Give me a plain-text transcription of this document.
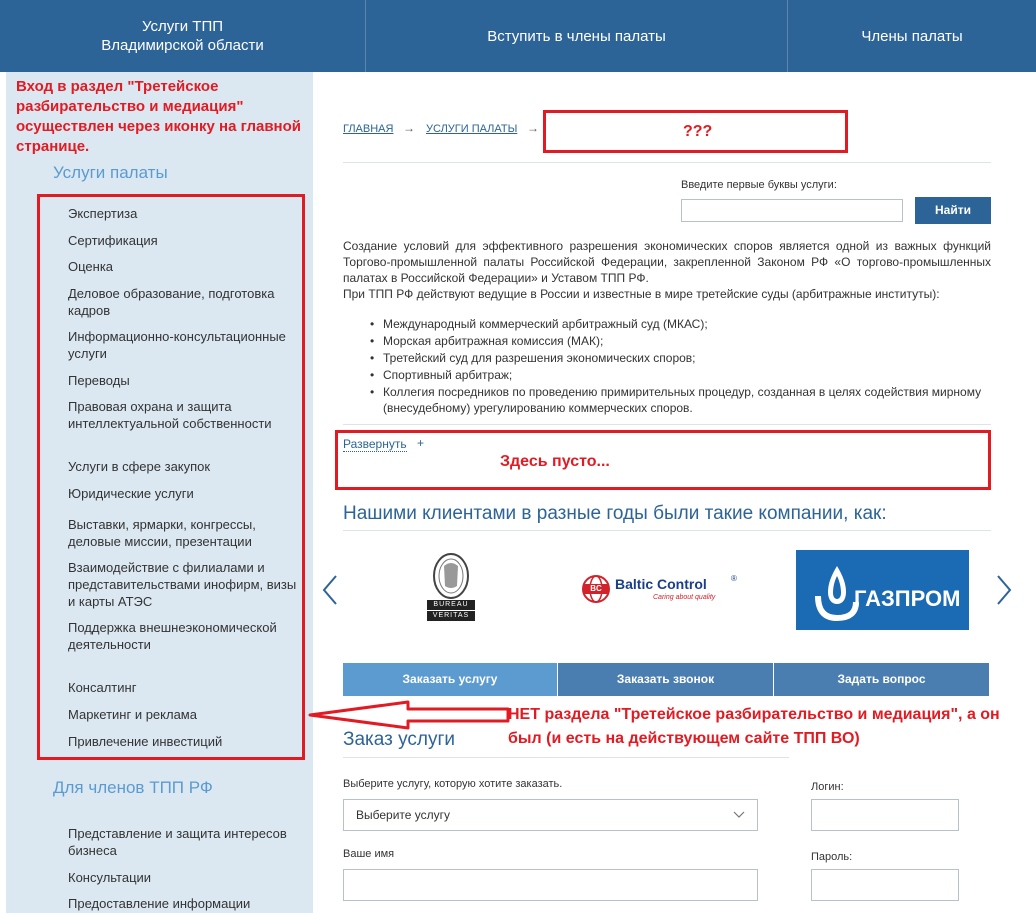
Услуги ТПП
Владимирской области
Вступить в члены палаты	Члены палаты
Вход в раздел "Третейское разбирательство и медиация" осуществлен через иконку на главной странице.
Услуги палаты
Экспертиза
Сертификация
Оценка
Деловое образование, подготовка кадров
Информационно-консультационные услуги
Переводы
Правовая охрана и защита интеллектуальной собственности
Услуги в сфере закупок
Юридические услуги
Выставки, ярмарки, конгрессы, деловые миссии, презентации
Взаимодействие с филиалами и представительствами инофирм, визы и карты АТЭС
Поддержка внешнеэкономической деятельности
Консалтинг
Маркетинг и реклама
Привлечение инвестиций
Для членов ТПП РФ
Представление и защита интересов бизнеса
Консультации
Предоставление информации
ГЛАВНАЯ → УСЛУГИ ПАЛАТЫ →	???
Введите первые буквы услуги:
Найти
Создание условий для эффективного разрешения экономических споров является одной из важных функций Торгово-промышленной палаты Российской Федерации, закрепленной Законом РФ «О торгово-промышленных палатах в Российской Федерации» и Уставом ТПП РФ.
При ТПП РФ действуют ведущие в России и известные в мире третейские суды (арбитражные институты):
• Международный коммерческий арбитражный суд (МКАС);
• Морская арбитражная комиссия (МАК);
• Третейский суд для разрешения экономических споров;
• Спортивный арбитраж;
• Коллегия посредников по проведению примирительных процедур, созданная в целях содействия мирному (внесудебному) урегулированию коммерческих споров.
Развернуть +
Здесь пусто...
Нашими клиентами в разные годы были такие компании, как:
BUREAU
VERITAS
BC Baltic Control	®
Caring about quality	ГАЗПРОМ
Заказать услугу	Заказать звонок	Задать вопрос
НЕТ раздела "Третейское разбирательство и медиация", а он был (и есть на действующем сайте ТПП ВО)
Заказ услуги
Выберите услугу, которую хотите заказать.
Выберите услугу
Ваше имя
Логин:
Пароль:
